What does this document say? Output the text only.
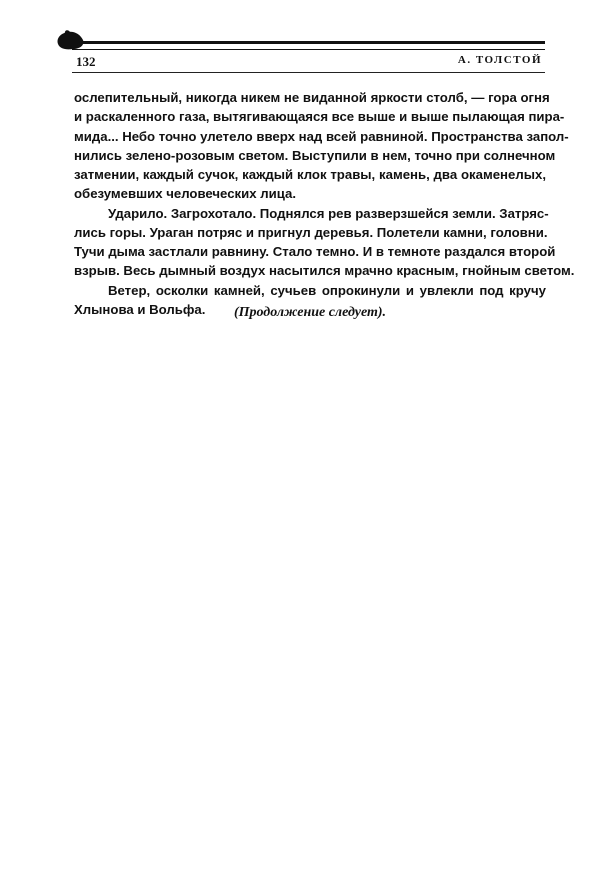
132	А. ТОЛСТОЙ
ослепительный, никогда никем не виданной яркости столб, — гора огня
и раскаленного газа, вытягивающаяся все выше и выше пылающая пира-
мида... Небо точно улетело вверх над всей равниной. Пространства запол-
нились зелено-розовым светом. Выступили в нем, точно при солнечном
затмении, каждый сучок, каждый клок травы, камень, два окаменелых,
обезумевших человеческих лица.
Ударило. Загрохотало. Поднялся рев разверзшейся земли. Затряс-
лись горы. Ураган потряс и пригнул деревья. Полетели камни, головни.
Тучи дыма застлали равнину. Стало темно. И в темноте раздался второй
взрыв. Весь дымный воздух насытился мрачно красным, гнойным светом.
Ветер, осколки камней, сучьев опрокинули и увлекли под кручу
Хлынова и Вольфа.	(Продолжение следует).
